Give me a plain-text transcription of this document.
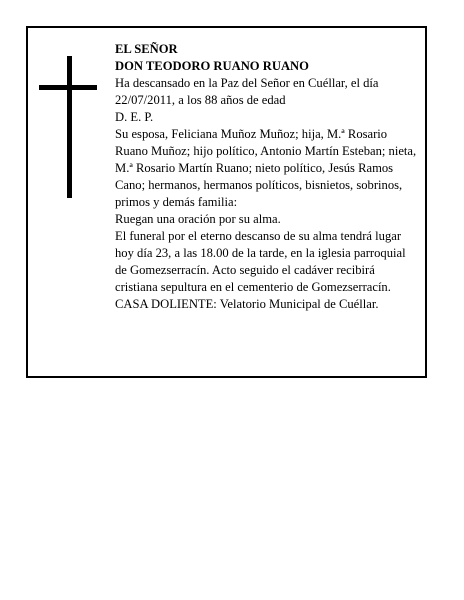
EL SEÑOR

DON TEODORO RUANO RUANO

Ha descansado en la Paz del Señor en Cuéllar, el día 22/07/2011, a los 88 años de edad

D. E. P.

Su esposa, Feliciana Muñoz Muñoz; hija, M.ª Rosario Ruano Muñoz; hijo político, Antonio Martín Esteban; nieta, M.ª Rosario Martín Ruano; nieto político, Jesús Ramos Cano; hermanos, hermanos políticos, bisnietos, sobrinos, primos y demás familia:

Ruegan una oración por su alma.

El funeral por el eterno descanso de su alma tendrá lugar hoy día 23, a las 18.00 de la tarde, en la iglesia parroquial de Gomezserracín. Acto seguido el cadáver recibirá cristiana sepultura en el cementerio de Gomezserracín.

CASA DOLIENTE: Velatorio Municipal de Cuéllar.
